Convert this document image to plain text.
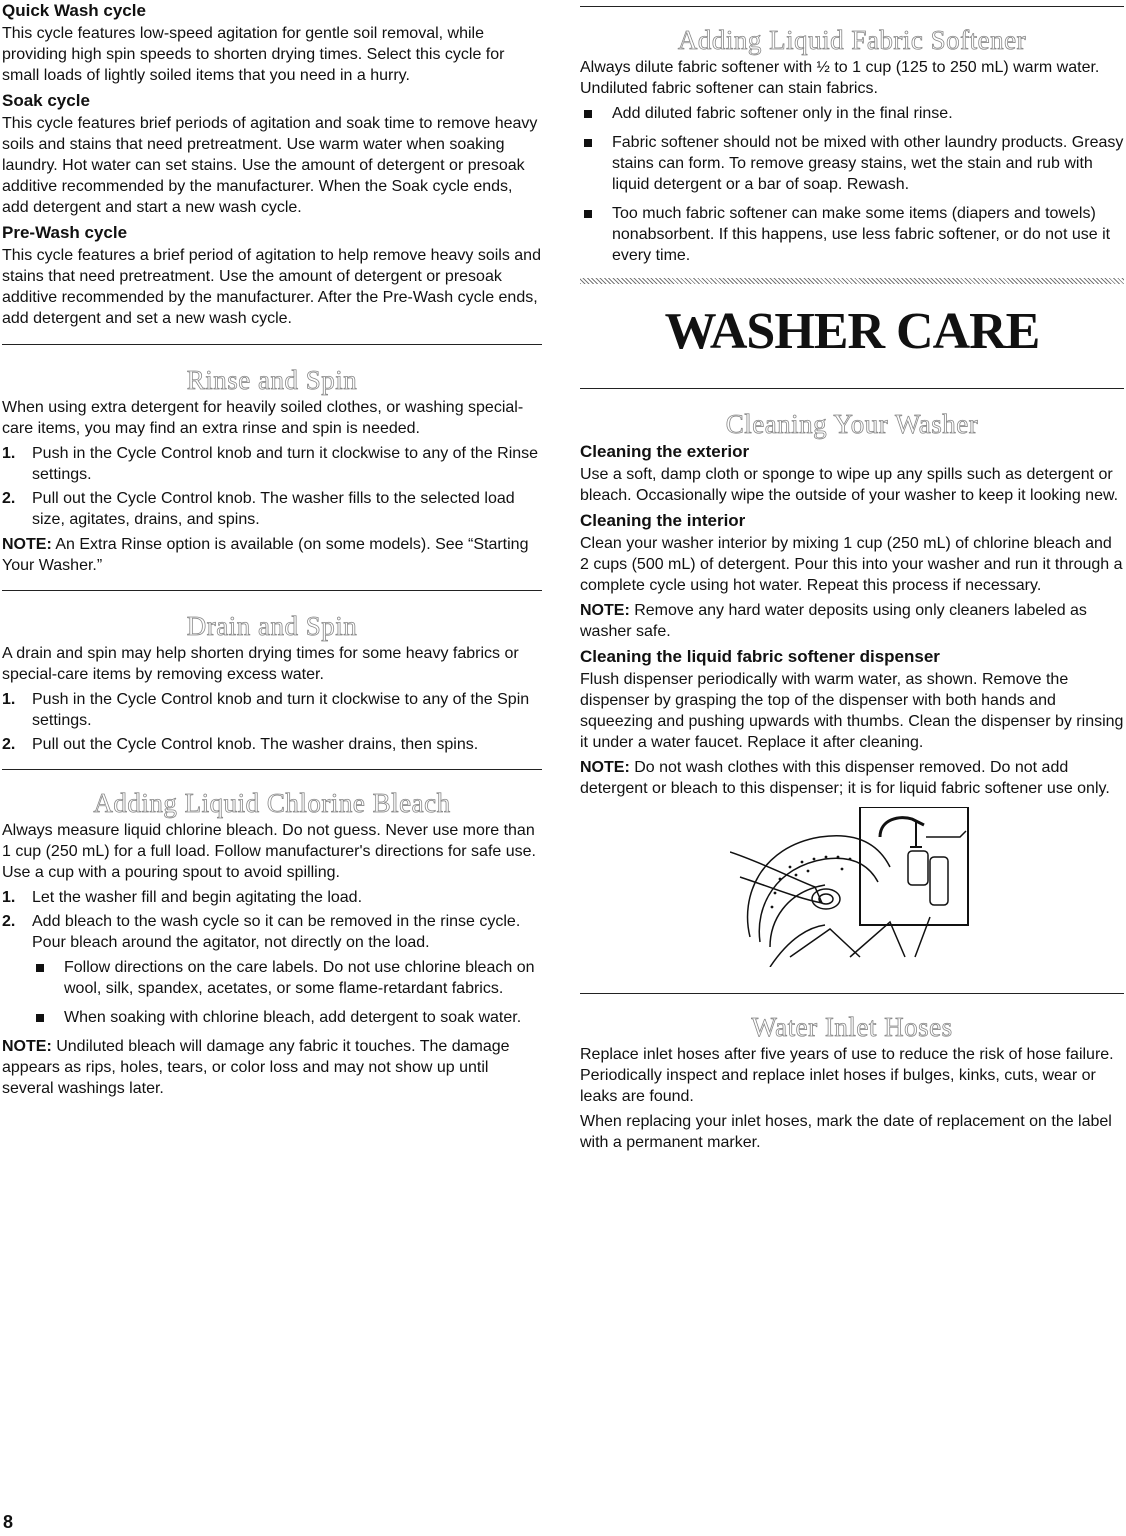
Quick Wash cycle

This cycle features low-speed agitation for gentle soil removal, while providing high spin speeds to shorten drying times. Select this cycle for small loads of lightly soiled items that you need in a hurry.

Soak cycle

This cycle features brief periods of agitation and soak time to remove heavy soils and stains that need pretreatment. Use warm water when soaking laundry. Hot water can set stains. Use the amount of detergent or presoak additive recommended by the manufacturer. When the Soak cycle ends, add detergent and start a new wash cycle.

Pre-Wash cycle

This cycle features a brief period of agitation to help remove heavy soils and stains that need pretreatment. Use the amount of detergent or presoak additive recommended by the manufacturer. After the Pre-Wash cycle ends, add detergent and set a new wash cycle.

Rinse and Spin

When using extra detergent for heavily soiled clothes, or washing special-care items, you may find an extra rinse and spin is needed.

1. Push in the Cycle Control knob and turn it clockwise to any of the Rinse settings.
2. Pull out the Cycle Control knob. The washer fills to the selected load size, agitates, drains, and spins.

NOTE: An Extra Rinse option is available (on some models). See “Starting Your Washer.”

Drain and Spin

A drain and spin may help shorten drying times for some heavy fabrics or special-care items by removing excess water.

1. Push in the Cycle Control knob and turn it clockwise to any of the Spin settings.
2. Pull out the Cycle Control knob. The washer drains, then spins.
Adding Liquid Chlorine Bleach

Always measure liquid chlorine bleach. Do not guess. Never use more than 1 cup (250 mL) for a full load. Follow manufacturer's directions for safe use. Use a cup with a pouring spout to avoid spilling.

1. Let the washer fill and begin agitating the load.
2. Add bleach to the wash cycle so it can be removed in the rinse cycle. Pour bleach around the agitator, not directly on the load.
Follow directions on the care labels. Do not use chlorine bleach on wool, silk, spandex, acetates, or some flame-retardant fabrics.
When soaking with chlorine bleach, add detergent to soak water.

NOTE: Undiluted bleach will damage any fabric it touches. The damage appears as rips, holes, tears, or color loss and may not show up until several washings later.

Adding Liquid Fabric Softener

Always dilute fabric softener with ½ to 1 cup (125 to 250 mL) warm water. Undiluted fabric softener can stain fabrics.

Add diluted fabric softener only in the final rinse.
Fabric softener should not be mixed with other laundry products. Greasy stains can form. To remove greasy stains, wet the stain and rub with liquid detergent or a bar of soap. Rewash.
Too much fabric softener can make some items (diapers and towels) nonabsorbent. If this happens, use less fabric softener, or do not use it every time.
WASHER CARE
Cleaning Your Washer
Cleaning the exterior

Use a soft, damp cloth or sponge to wipe up any spills such as detergent or bleach. Occasionally wipe the outside of your washer to keep it looking new.

Cleaning the interior

Clean your washer interior by mixing 1 cup (250 mL) of chlorine bleach and 2 cups (500 mL) of detergent. Pour this into your washer and run it through a complete cycle using hot water. Repeat this process if necessary.

NOTE: Remove any hard water deposits using only cleaners labeled as washer safe.

Cleaning the liquid fabric softener dispenser

Flush dispenser periodically with warm water, as shown. Remove the dispenser by grasping the top of the dispenser with both hands and squeezing and pushing upwards with thumbs. Clean the dispenser by rinsing it under a water faucet. Replace it after cleaning.

NOTE: Do not wash clothes with this dispenser removed. Do not add detergent or bleach to this dispenser; it is for liquid fabric softener use only.

Water Inlet Hoses

Replace inlet hoses after five years of use to reduce the risk of hose failure. Periodically inspect and replace inlet hoses if bulges, kinks, cuts, wear or leaks are found.

When replacing your inlet hoses, mark the date of replacement on the label with a permanent marker.

8
